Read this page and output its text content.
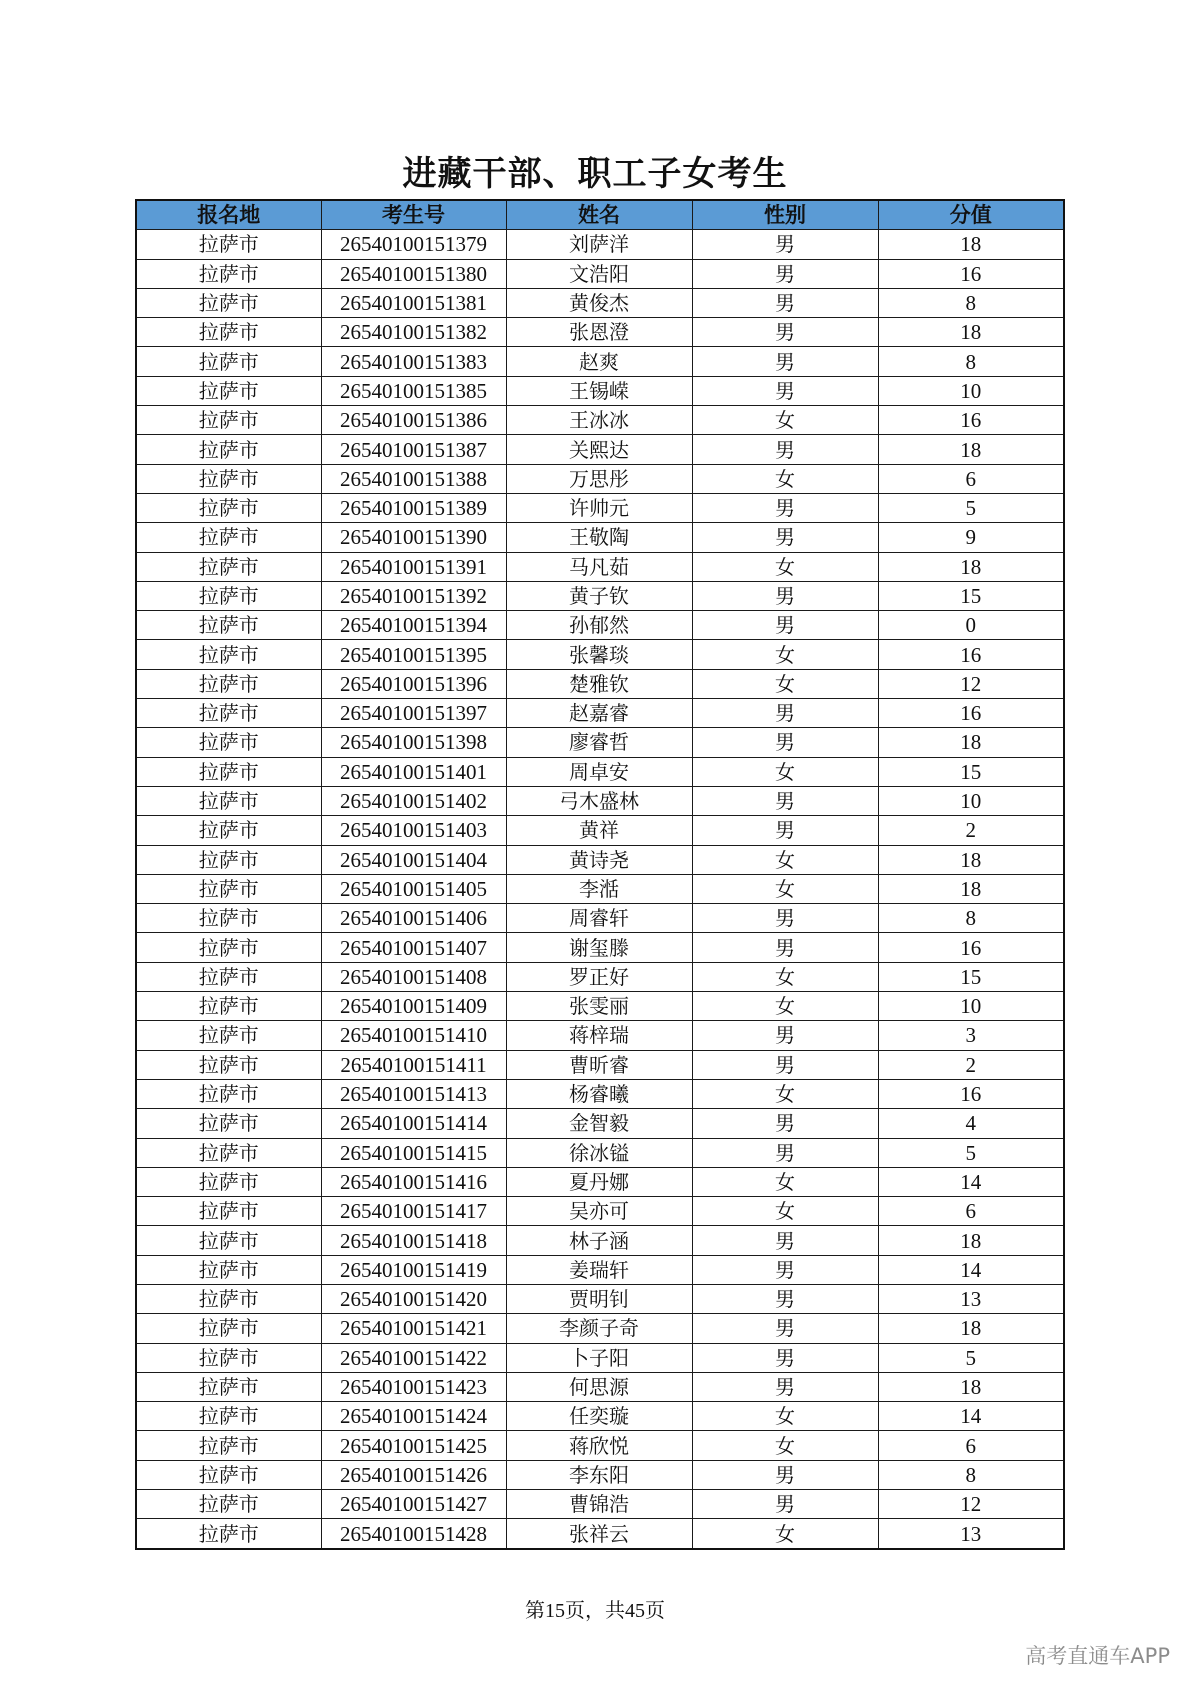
进藏干部、职工子女考生
报名地	考生号	姓名	性别	分值
拉萨市	26540100151379	刘萨洋	男	18
拉萨市	26540100151380	文浩阳	男	16
拉萨市	26540100151381	黄俊杰	男	8
拉萨市	26540100151382	张恩澄	男	18
拉萨市	26540100151383	赵爽	男	8
拉萨市	26540100151385	王锡嵘	男	10
拉萨市	26540100151386	王冰冰	女	16
拉萨市	26540100151387	关熙达	男	18
拉萨市	26540100151388	万思彤	女	6
拉萨市	26540100151389	许帅元	男	5
拉萨市	26540100151390	王敬陶	男	9
拉萨市	26540100151391	马凡茹	女	18
拉萨市	26540100151392	黄子钦	男	15
拉萨市	26540100151394	孙郁然	男	0
拉萨市	26540100151395	张馨琰	女	16
拉萨市	26540100151396	楚雅钦	女	12
拉萨市	26540100151397	赵嘉睿	男	16
拉萨市	26540100151398	廖睿哲	男	18
拉萨市	26540100151401	周卓安	女	15
拉萨市	26540100151402	弓木盛林	男	10
拉萨市	26540100151403	黄祥	男	2
拉萨市	26540100151404	黄诗尧	女	18
拉萨市	26540100151405	李湉	女	18
拉萨市	26540100151406	周睿轩	男	8
拉萨市	26540100151407	谢玺滕	男	16
拉萨市	26540100151408	罗正好	女	15
拉萨市	26540100151409	张雯丽	女	10
拉萨市	26540100151410	蒋梓瑞	男	3
拉萨市	26540100151411	曹昕睿	男	2
拉萨市	26540100151413	杨睿曦	女	16
拉萨市	26540100151414	金智毅	男	4
拉萨市	26540100151415	徐冰镒	男	5
拉萨市	26540100151416	夏丹娜	女	14
拉萨市	26540100151417	吴亦可	女	6
拉萨市	26540100151418	林子涵	男	18
拉萨市	26540100151419	姜瑞轩	男	14
拉萨市	26540100151420	贾明钊	男	13
拉萨市	26540100151421	李颜子奇	男	18
拉萨市	26540100151422	卜子阳	男	5
拉萨市	26540100151423	何思源	男	18
拉萨市	26540100151424	任奕璇	女	14
拉萨市	26540100151425	蒋欣悦	女	6
拉萨市	26540100151426	李东阳	男	8
拉萨市	26540100151427	曹锦浩	男	12
拉萨市	26540100151428	张祥云	女	13
第15页，共45页
高考直通车APP
